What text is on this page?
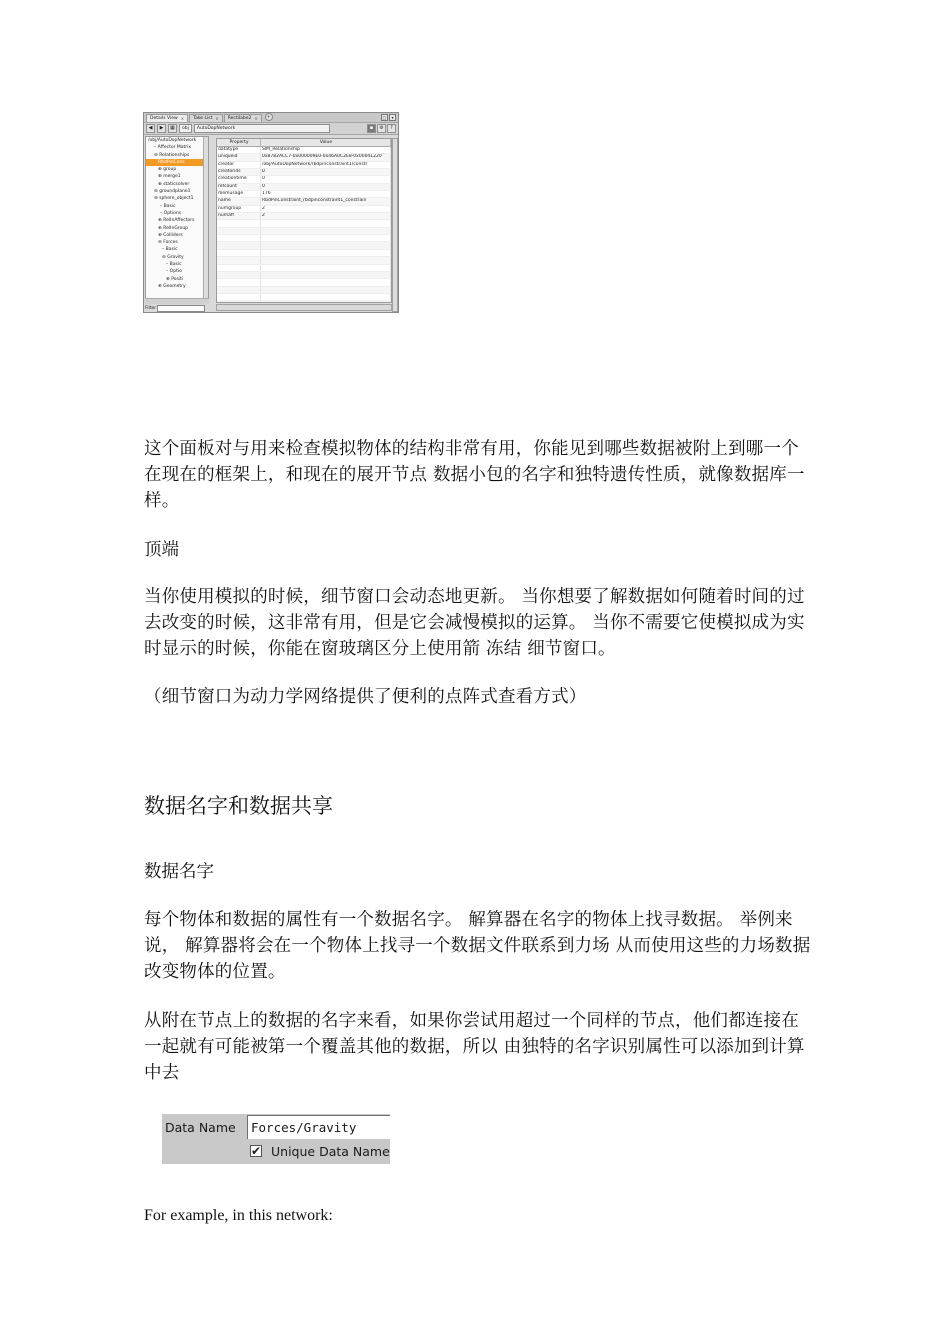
Details View × Take List × Rectilabe2 ×	+	□	▾
◀	▶	▦	obj	AutoDopNetwork	▪	⚙	?
/obj/AutoDopNetwork
– Affector Matrix
⊖ Relationships
RbdPinCons
⊕ group
⊕ merge1
⊕ staticsolver
⊖ groundplane1
⊖ sphere_object1
– Basic
– Options
⊕ RelInAffectors
⊕ RelInGroup
⊕ Colliders
⊖ Forces
– Basic
⊖ Gravity
– Basic
– Optio
⊕ Positi
⊕ Geometry
Filter
Property	Value
datatype	SIM_Relationship
uniqueid	0x8782ACC7-0x000009E0-0x46A0C2E8-0x00041220
creator	/obj/AutoDopNetwork/rbdpinconstraint1/constr
creatorids	0
creationtime	0
refcount	0
memusage	176
name	RbdPinConstraint_rbdpinconstraint1_constrain
numgroup	2
numaff	2
这个面板对与用来检查模拟物体的结构非常有用，你能见到哪些数据被附上到哪一个在现在的框架上，和现在的展开节点 数据小包的名字和独特遗传性质，就像数据库一样。
顶端
当你使用模拟的时候，细节窗口会动态地更新。 当你想要了解数据如何随着时间的过去改变的时候，这非常有用，但是它会减慢模拟的运算。 当你不需要它使模拟成为实时显示的时候，你能在窗玻璃区分上使用箭 冻结 细节窗口。
（细节窗口为动力学网络提供了便利的点阵式查看方式）
数据名字和数据共享
数据名字
每个物体和数据的属性有一个数据名字。 解算器在名字的物体上找寻数据。 举例来说， 解算器将会在一个物体上找寻一个数据文件联系到力场 从而使用这些的力场数据改变物体的位置。
从附在节点上的数据的名字来看，如果你尝试用超过一个同样的节点，他们都连接在一起就有可能被第一个覆盖其他的数据，所以 由独特的名字识别属性可以添加到计算中去
Data Name	Forces/Gravity
✔ Unique Data Name
For example, in this network:
